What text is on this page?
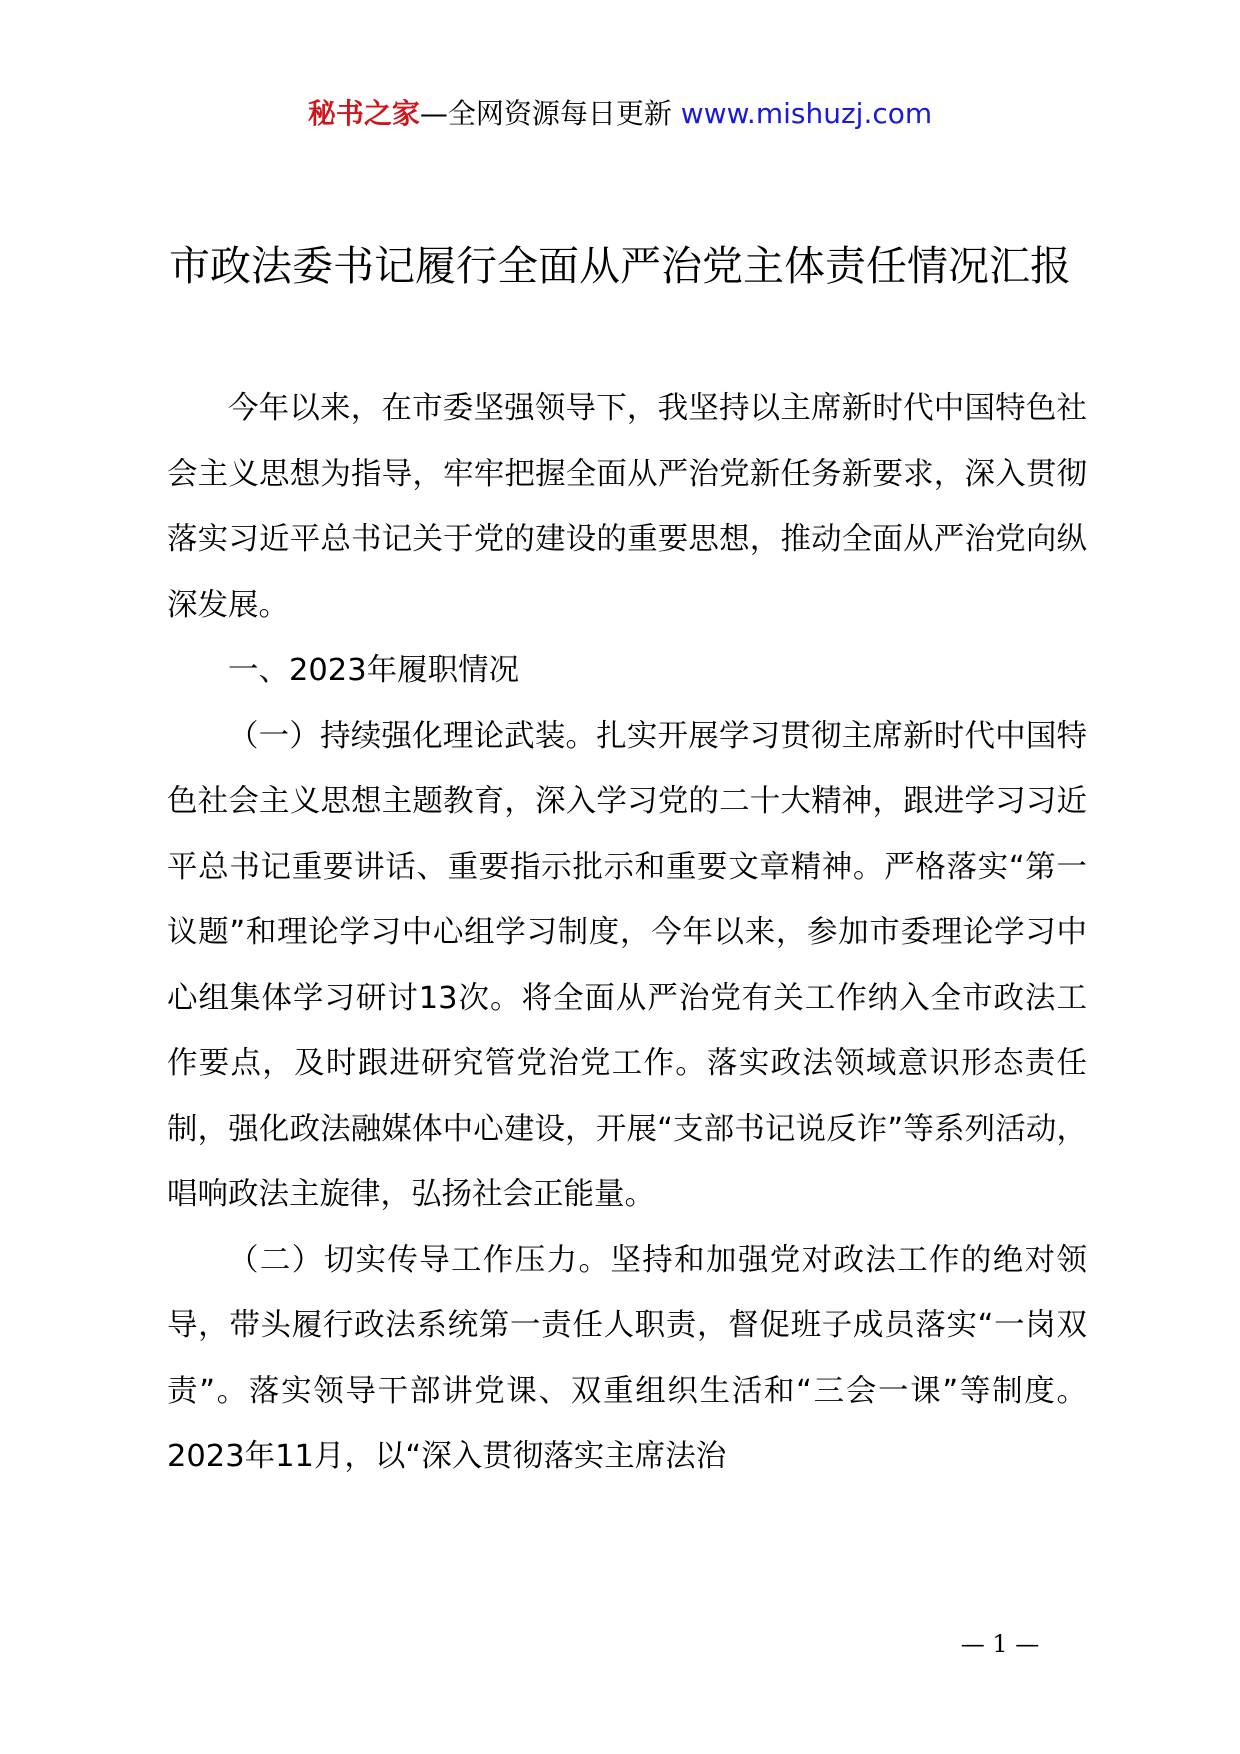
秘书之家—全网资源每日更新 www.mishuzj.com
市政法委书记履行全面从严治党主体责任情况汇报

今年以来，在市委坚强领导下，我坚持以主席新时代中国特色社会主义思想为指导，牢牢把握全面从严治党新任务新要求，深入贯彻落实习近平总书记关于党的建设的重要思想，推动全面从严治党向纵深发展。

一、2023年履职情况

（一）持续强化理论武装。扎实开展学习贯彻主席新时代中国特色社会主义思想主题教育，深入学习党的二十大精神，跟进学习习近平总书记重要讲话、重要指示批示和重要文章精神。严格落实“第一议题”和理论学习中心组学习制度，今年以来，参加市委理论学习中心组集体学习研讨13次。将全面从严治党有关工作纳入全市政法工作要点，及时跟进研究管党治党工作。落实政法领域意识形态责任制，强化政法融媒体中心建设，开展“支部书记说反诈”等系列活动，唱响政法主旋律，弘扬社会正能量。

（二）切实传导工作压力。坚持和加强党对政法工作的绝对领导，带头履行政法系统第一责任人职责，督促班子成员落实“一岗双责”。落实领导干部讲党课、双重组织生活和“三会一课”等制度。2023年11月，以“深入贯彻落实主席法治

— 1 —
